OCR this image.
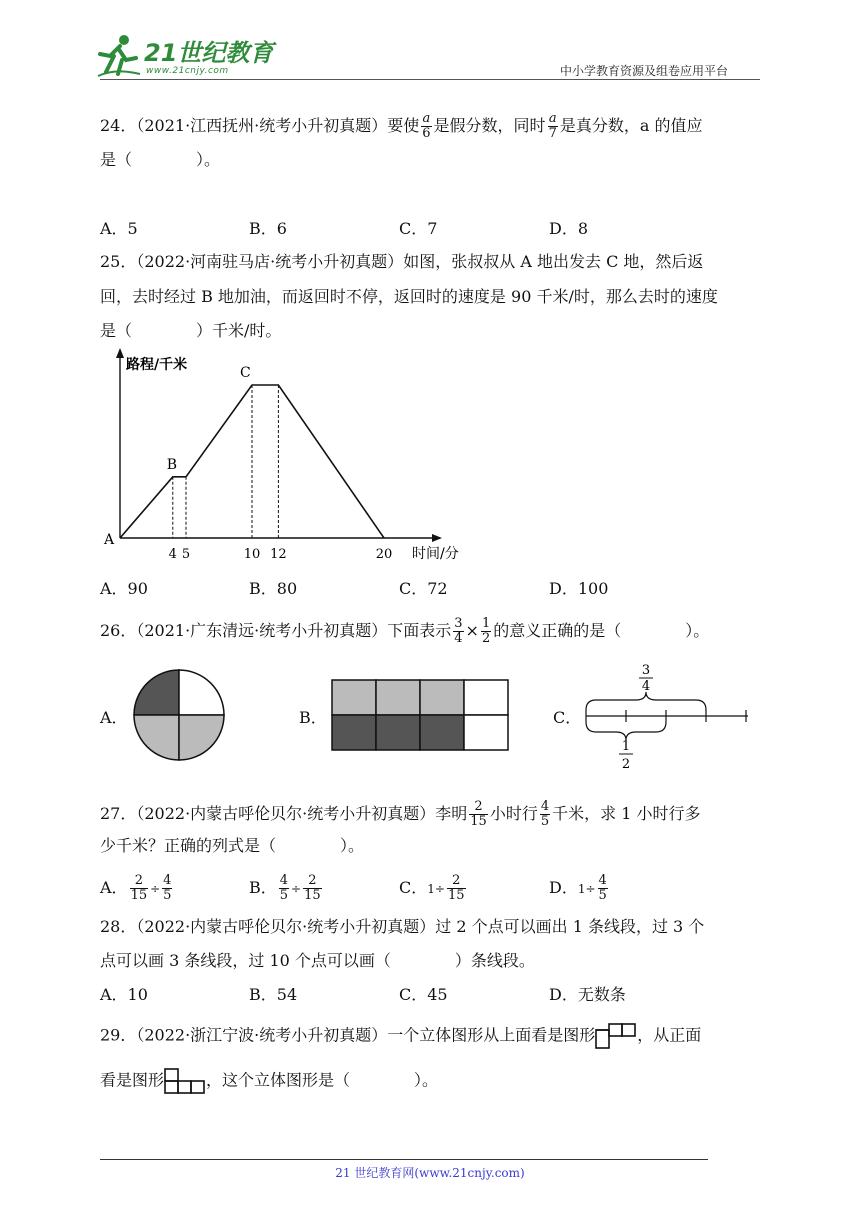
21世纪教育
www.21cnjy.com	中小学教育资源及组卷应用平台
24．（2021·江西抚州·统考小升初真题）要使 $\frac{a}{6}$ 是假分数，同时 $\frac{a}{7}$ 是真分数，a 的值应
是（　　　　）。
A．5	B．6	C．7	D．8
25．（2022·河南驻马店·统考小升初真题）如图，张叔叔从 A 地出发去 C 地，然后返
回，去时经过 B 地加油，而返回时不停，返回时的速度是 90 千米/时，那么去时的速度
是（　　　　）千米/时。
路程/千米
时间/分
A
B
C
4 5	10 12	20
A．90	B．80	C．72	D．100
26．（2021·广东清远·统考小升初真题）下面表示 $\frac{3}{4} \times \frac{1}{2}$ 的意义正确的是（　　　　）。
A．	B．	C．
3
4
1
2
27．（2022·内蒙古呼伦贝尔·统考小升初真题）李明 $\frac{2}{15}$ 小时行 $\frac{4}{5}$ 千米，求 1 小时行多
少千米？正确的列式是（　　　　）。
A． $\frac{2}{15} \div \frac{4}{5}$	B． $\frac{4}{5} \div \frac{2}{15}$	C．$1\div \frac{2}{15}$	D．$1\div \frac{4}{5}$
28．（2022·内蒙古呼伦贝尔·统考小升初真题）过 2 个点可以画出 1 条线段，过 3 个
点可以画 3 条线段，过 10 个点可以画（　　　　）条线段。
A．10	B．54	C．45	D．无数条
29．（2022·浙江宁波·统考小升初真题）一个立体图形从上面看是图形	，从正面
看是图形	，这个立体图形是（　　　　）。
21 世纪教育网(www.21cnjy.com)
